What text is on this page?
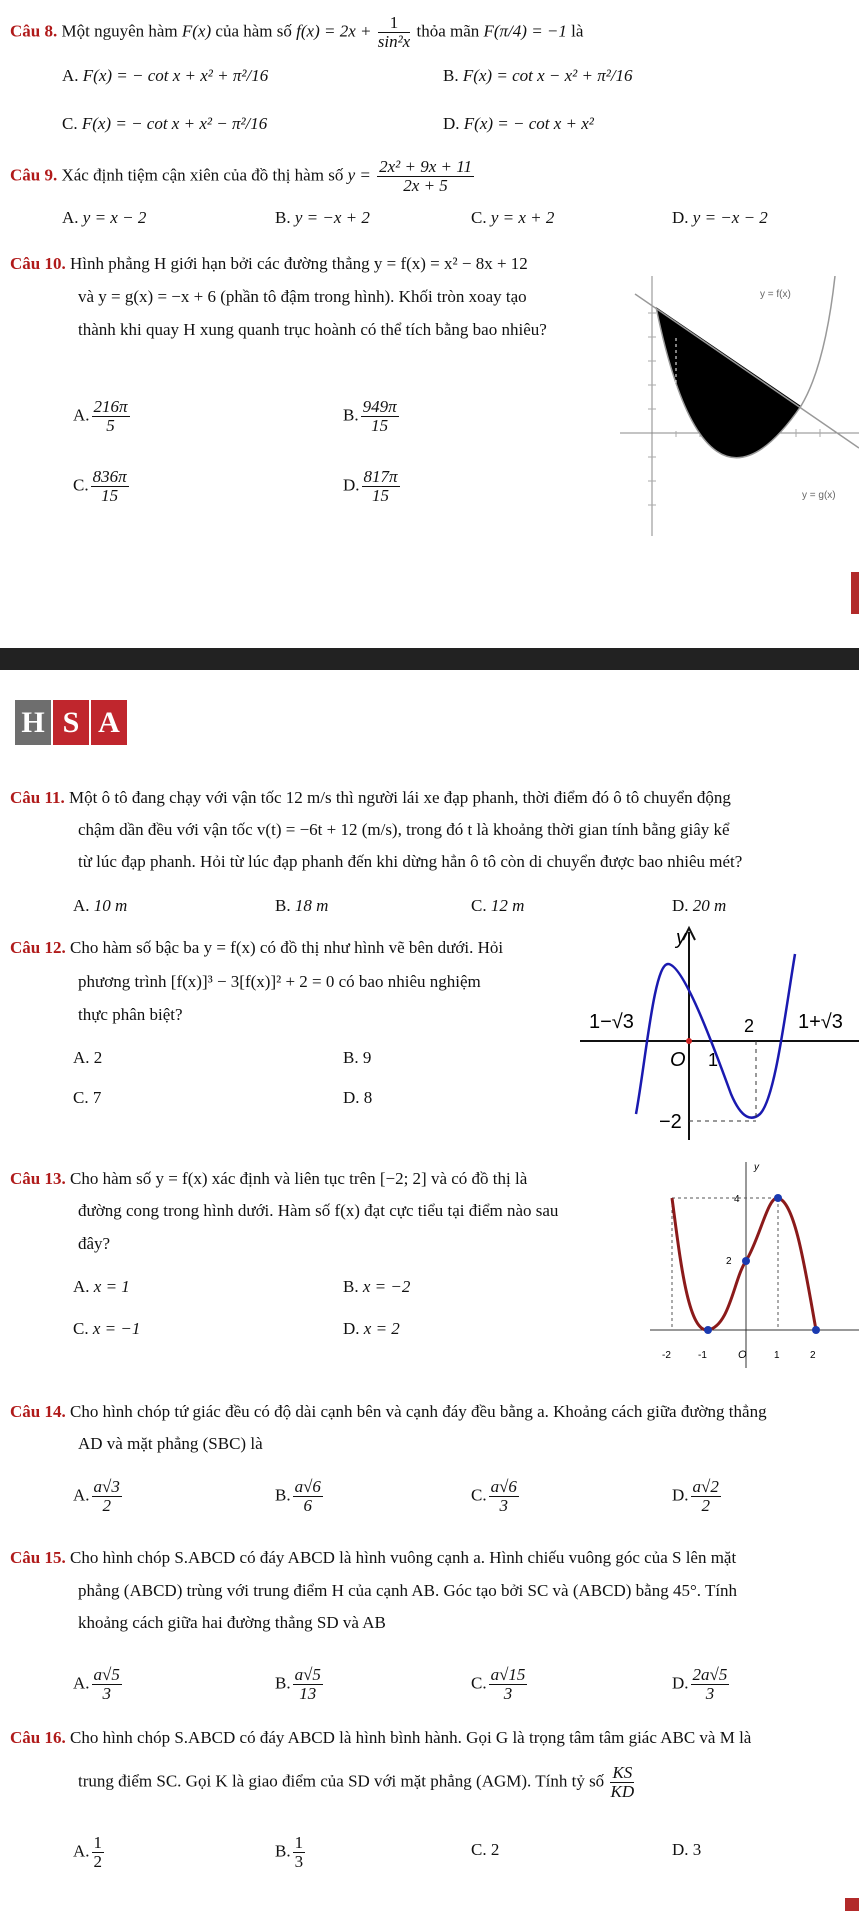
Câu 8. Một nguyên hàm F(x) của hàm số $f(x) = 2x + \frac{1}{\text{sin²x}}$ thỏa mãn F(π/4) = −1 là
A. F(x) = − cot x + x² + π²/16	B. F(x) = cot x − x² + π²/16
C. F(x) = − cot x + x² − π²/16	D. F(x) = − cot x + x²
Câu 9. Xác định tiệm cận xiên của đồ thị hàm số $y = \frac{\text{2x² + 9x + 11}}{2x + 5}$
A. y = x − 2	B. y = −x + 2	C. y = x + 2	D. y = −x − 2
Câu 10. Hình phẳng H giới hạn bởi các đường thẳng y = f(x) = x² − 8x + 12
và y = g(x) = −x + 6 (phần tô đậm trong hình). Khối tròn xoay tạo
thành khi quay H xung quanh trục hoành có thể tích bằng bao nhiêu?
A. $\frac{216\pi}{5}$	B. $\frac{949\pi}{15}$
C. $\frac{836\pi}{15}$	D. $\frac{817\pi}{15}$
y = f(x)
y = g(x)
H S A
Câu 11. Một ô tô đang chạy với vận tốc 12 m/s thì người lái xe đạp phanh, thời điểm đó ô tô chuyển động
chậm dần đều với vận tốc v(t) = −6t + 12 (m/s), trong đó t là khoảng thời gian tính bằng giây kể
từ lúc đạp phanh. Hỏi từ lúc đạp phanh đến khi dừng hẳn ô tô còn di chuyển được bao nhiêu mét?
A. 10 m	B. 18 m	C. 12 m	D. 20 m
Câu 12. Cho hàm số bậc ba y = f(x) có đồ thị như hình vẽ bên dưới. Hỏi
phương trình [f(x)]³ − 3[f(x)]² + 2 = 0 có bao nhiêu nghiệm
thực phân biệt?
A. 2	B. 9
C. 7	D. 8
y
1−√3	2 1+√3
O 1
−2
Câu 13. Cho hàm số y = f(x) xác định và liên tục trên [−2; 2] và có đồ thị là
đường cong trong hình dưới. Hàm số f(x) đạt cực tiểu tại điểm nào sau
đây?
A. x = 1	B. x = −2
C. x = −1	D. x = 2
y
4
2
-2	-1	O	1	2
Câu 14. Cho hình chóp tứ giác đều có độ dài cạnh bên và cạnh đáy đều bằng a. Khoảng cách giữa đường thẳng
AD và mặt phẳng (SBC) là
A. $\frac{a√3}{2}$	B. $\frac{a√6}{6}$	C. $\frac{a√6}{3}$	D. $\frac{a√2}{2}$
Câu 15. Cho hình chóp S.ABCD có đáy ABCD là hình vuông cạnh a. Hình chiếu vuông góc của S lên mặt
phẳng (ABCD) trùng với trung điểm H của cạnh AB. Góc tạo bởi SC và (ABCD) bằng 45°. Tính
khoảng cách giữa hai đường thẳng SD và AB
A. $\frac{a√5}{3}$	B. $\frac{a√5}{13}$	C. $\frac{a√15}{3}$	D. $\frac{2a√5}{3}$
Câu 16. Cho hình chóp S.ABCD có đáy ABCD là hình bình hành. Gọi G là trọng tâm tâm giác ABC và M là
trung điểm SC. Gọi K là giao điểm của SD với mặt phẳng (AGM). Tính tỷ số $\frac{KS}{KD}$
A. $\frac{1}{2}$	B. $\frac{1}{3}$	C. 2	D. 3
